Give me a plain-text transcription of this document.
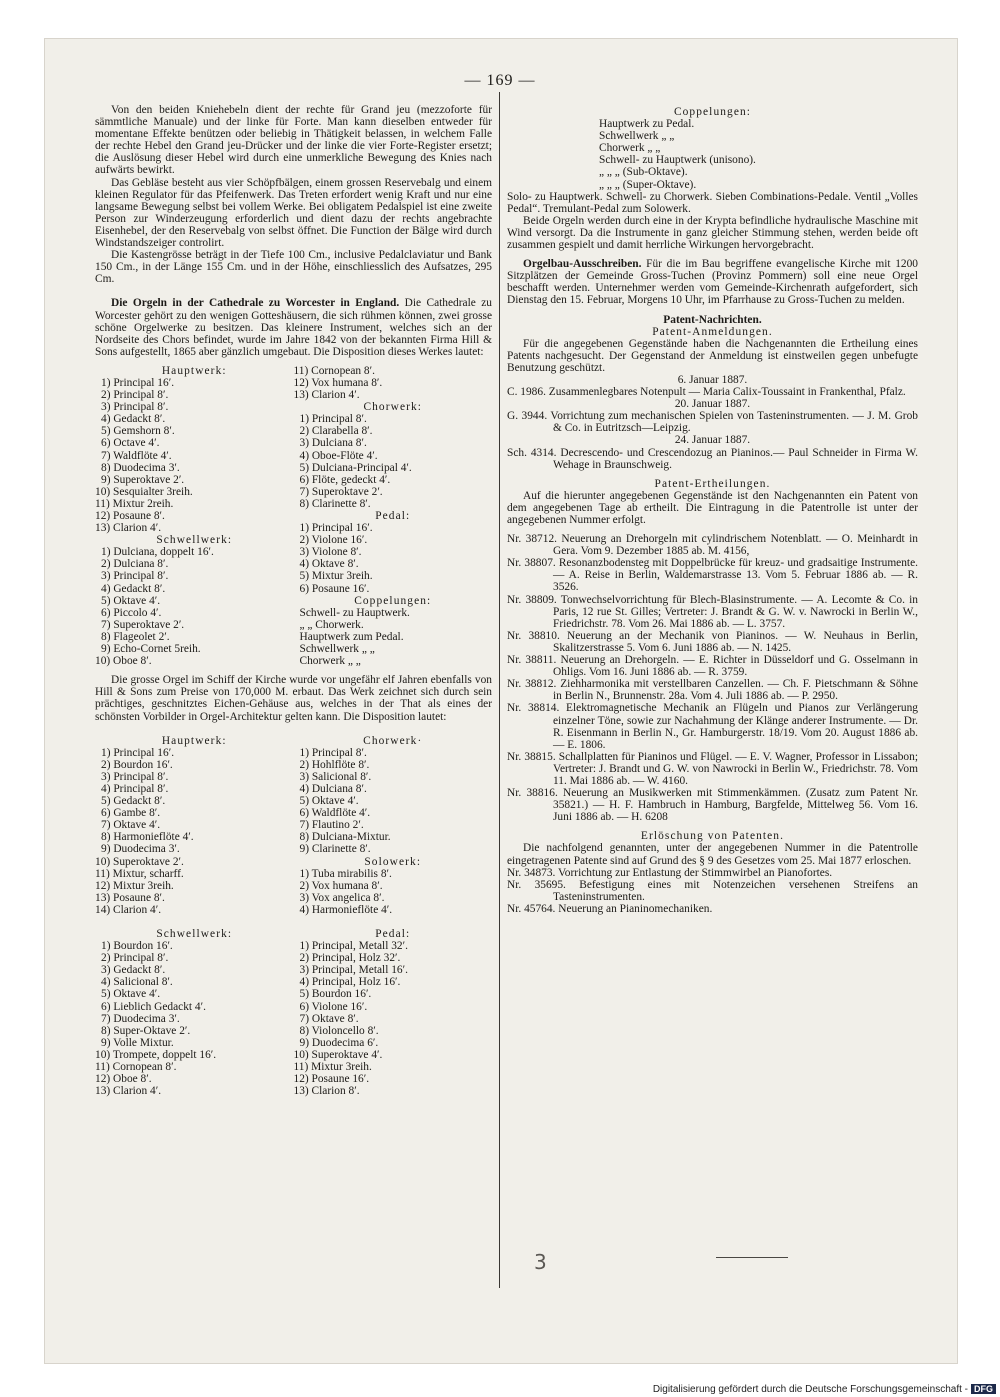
— 169 —

Von den beiden Kniehebeln dient der rechte für Grand jeu (mezzoforte für sämmtliche Manuale) und der linke für Forte. Man kann dieselben entweder für momentane Effekte benützen oder beliebig in Thätigkeit belassen, in welchem Falle der rechte Hebel den Grand jeu-Drücker und der linke die vier Forte-Register ersetzt; die Auslösung dieser Hebel wird durch eine unmerkliche Bewegung des Knies nach aufwärts bewirkt.

Das Gebläse besteht aus vier Schöpfbälgen, einem grossen Reservebalg und einem kleinen Regulator für das Pfeifenwerk. Das Treten erfordert wenig Kraft und nur eine langsame Bewegung selbst bei vollem Werke. Bei obligatem Pedalspiel ist eine zweite Person zur Winderzeugung erforderlich und dient dazu der rechts angebrachte Eisenhebel, der den Reservebalg von selbst öffnet. Die Function der Bälge wird durch Windstandszeiger controlirt.

Die Kastengrösse beträgt in der Tiefe 100 Cm., inclusive Pedalclaviatur und Bank 150 Cm., in der Länge 155 Cm. und in der Höhe, einschliesslich des Aufsatzes, 295 Cm.

Die Orgeln in der Cathedrale zu Worcester in England. Die Cathedrale zu Worcester gehört zu den wenigen Gotteshäusern, die sich rühmen können, zwei grosse schöne Orgelwerke zu besitzen. Das kleinere Instrument, welches sich an der Nordseite des Chors befindet, wurde im Jahre 1842 von der bekannten Firma Hill & Sons aufgestellt, 1865 aber gänzlich umgebaut. Die Disposition dieses Werkes lautet:

Hauptwerk:
1) Principal 16′.
2) Principal 8′.
3) Principal 8′.
4) Gedackt 8′.
5) Gemshorn 8′.
6) Octave 4′.
7) Waldflöte 4′.
8) Duodecima 3′.
9) Superoktave 2′.
10) Sesquialter 3reih.
11) Mixtur 2reih.
12) Posaune 8′.
13) Clarion 4′.
Schwellwerk:
1) Dulciana, doppelt 16′.
2) Dulciana 8′.
3) Principal 8′.
4) Gedackt 8′.
5) Oktave 4′.
6) Piccolo 4′.
7) Superoktave 2′.
8) Flageolet 2′.
9) Echo-Cornet 5reih.
10) Oboe 8′.
11) Cornopean 8′.
12) Vox humana 8′.
13) Clarion 4′.
Chorwerk:
1) Principal 8′.
2) Clarabella 8′.
3) Dulciana 8′.
4) Oboe-Flöte 4′.
5) Dulciana-Principal 4′.
6) Flöte, gedeckt 4′.
7) Superoktave 2′.
8) Clarinette 8′.
Pedal:
1) Principal 16′.
2) Violone 16′.
3) Violone 8′.
4) Oktave 8′.
5) Mixtur 3reih.
6) Posaune 16′.
Coppelungen:
Schwell- zu Hauptwerk.
„ „ Chorwerk.
Hauptwerk zum Pedal.
Schwellwerk „ „
Chorwerk „ „

Die grosse Orgel im Schiff der Kirche wurde vor ungefähr elf Jahren ebenfalls von Hill & Sons zum Preise von 170,000 M. erbaut. Das Werk zeichnet sich durch sein prächtiges, geschnitztes Eichen-Gehäuse aus, welches in der That als eines der schönsten Vorbilder in Orgel-Architektur gelten kann. Die Disposition lautet:

Hauptwerk:
1) Principal 16′.
2) Bourdon 16′.
3) Principal 8′.
4) Principal 8′.
5) Gedackt 8′.
6) Gambe 8′.
7) Oktave 4′.
8) Harmonieflöte 4′.
9) Duodecima 3′.
10) Superoktave 2′.
11) Mixtur, scharff.
12) Mixtur 3reih.
13) Posaune 8′.
14) Clarion 4′.
Schwellwerk:
1) Bourdon 16′.
2) Principal 8′.
3) Gedackt 8′.
4) Salicional 8′.
5) Oktave 4′.
6) Lieblich Gedackt 4′.
7) Duodecima 3′.
8) Super-Oktave 2′.
9) Volle Mixtur.
10) Trompete, doppelt 16′.
11) Cornopean 8′.
12) Oboe 8′.
13) Clarion 4′.
Chorwerk·
1) Principal 8′.
2) Hohlflöte 8′.
3) Salicional 8′.
4) Dulciana 8′.
5) Oktave 4′.
6) Waldflöte 4′.
7) Flautino 2′.
8) Dulciana-Mixtur.
9) Clarinette 8′.
Solowerk:
1) Tuba mirabilis 8′.
2) Vox humana 8′.
3) Vox angelica 8′.
4) Harmonieflöte 4′.
Pedal:
1) Principal, Metall 32′.
2) Principal, Holz 32′.
3) Principal, Metall 16′.
4) Principal, Holz 16′.
5) Bourdon 16′.
6) Violone 16′.
7) Oktave 8′.
8) Violoncello 8′.
9) Duodecima 6′.
10) Superoktave 4′.
11) Mixtur 3reih.
12) Posaune 16′.
13) Clarion 8′.
Coppelungen:
Hauptwerk zu Pedal.
Schwellwerk „ „
Chorwerk „ „
Schwell- zu Hauptwerk (unisono).
„ „ „ (Sub-Oktave).
„ „ „ (Super-Oktave).

Solo- zu Hauptwerk. Schwell- zu Chorwerk. Sieben Combinations-Pedale. Ventil „Volles Pedal“. Tremulant-Pedal zum Solowerk.

Beide Orgeln werden durch eine in der Krypta befindliche hydraulische Maschine mit Wind versorgt. Da die Instrumente in ganz gleicher Stimmung stehen, werden beide oft zusammen gespielt und damit herrliche Wirkungen hervorgebracht.

Orgelbau-Ausschreiben. Für die im Bau begriffene evangelische Kirche mit 1200 Sitzplätzen der Gemeinde Gross-Tuchen (Provinz Pommern) soll eine neue Orgel beschafft werden. Unternehmer werden vom Gemeinde-Kirchenrath aufgefordert, sich Dienstag den 15. Februar, Morgens 10 Uhr, im Pfarrhause zu Gross-Tuchen zu melden.

Patent-Nachrichten.
Patent-Anmeldungen.

Für die angegebenen Gegenstände haben die Nachgenannten die Ertheilung eines Patents nachgesucht. Der Gegenstand der Anmeldung ist einstweilen gegen unbefugte Benutzung geschützt.

6. Januar 1887.

C. 1986. Zusammenlegbares Notenpult — Maria Calix-Toussaint in Frankenthal, Pfalz.

20. Januar 1887.

G. 3944. Vorrichtung zum mechanischen Spielen von Tasteninstrumenten. — J. M. Grob & Co. in Eutritzsch—Leipzig.

24. Januar 1887.

Sch. 4314. Decrescendo- und Crescendozug an Pianinos.— Paul Schneider in Firma W. Wehage in Braunschweig.

Patent-Ertheilungen.

Auf die hierunter angegebenen Gegenstände ist den Nachgenannten ein Patent von dem angegebenen Tage ab ertheilt. Die Eintragung in die Patentrolle ist unter der angegebenen Nummer erfolgt.

Nr. 38712. Neuerung an Drehorgeln mit cylindrischem Notenblatt. — O. Meinhardt in Gera. Vom 9. Dezember 1885 ab. M. 4156,

Nr. 38807. Resonanzbodensteg mit Doppelbrücke für kreuz- und gradsaitige Instrumente. — A. Reise in Berlin, Waldemarstrasse 13. Vom 5. Februar 1886 ab. — R. 3526.

Nr. 38809. Tonwechselvorrichtung für Blech-Blasinstrumente. — A. Lecomte & Co. in Paris, 12 rue St. Gilles; Vertreter: J. Brandt & G. W. v. Nawrocki in Berlin W., Friedrichstr. 78. Vom 26. Mai 1886 ab. — L. 3757.

Nr. 38810. Neuerung an der Mechanik von Pianinos. — W. Neuhaus in Berlin, Skalitzerstrasse 5. Vom 6. Juni 1886 ab. — N. 1425.

Nr. 38811. Neuerung an Drehorgeln. — E. Richter in Düsseldorf und G. Osselmann in Ohligs. Vom 16. Juni 1886 ab. — R. 3759.

Nr. 38812. Ziehharmonika mit verstellbaren Canzellen. — Ch. F. Pietschmann & Söhne in Berlin N., Brunnenstr. 28a. Vom 4. Juli 1886 ab. — P. 2950.

Nr. 38814. Elektromagnetische Mechanik an Flügeln und Pianos zur Verlängerung einzelner Töne, sowie zur Nachahmung der Klänge anderer Instrumente. — Dr. R. Eisenmann in Berlin N., Gr. Hamburgerstr. 18/19. Vom 20. August 1886 ab.— E. 1806.

Nr. 38815. Schallplatten für Pianinos und Flügel. — E. V. Wagner, Professor in Lissabon; Vertreter: J. Brandt und G. W. von Nawrocki in Berlin W., Friedrichstr. 78. Vom 11. Mai 1886 ab. — W. 4160.

Nr. 38816. Neuerung an Musikwerken mit Stimmenkämmen. (Zusatz zum Patent Nr. 35821.) — H. F. Hambruch in Hamburg, Bargfelde, Mittelweg 56. Vom 16. Juni 1886 ab. — H. 6208

Erlöschung von Patenten.

Die nachfolgend genannten, unter der angegebenen Nummer in die Patentrolle eingetragenen Patente sind auf Grund des § 9 des Gesetzes vom 25. Mai 1877 erloschen.

Nr. 34873. Vorrichtung zur Entlastung der Stimmwirbel an Pianofortes.

Nr. 35695. Befestigung eines mit Notenzeichen versehenen Streifens an Tasteninstrumenten.

Nr. 45764. Neuerung an Pianinomechaniken.

3
Digitalisierung gefördert durch die Deutsche Forschungsgemeinschaft - DFG
